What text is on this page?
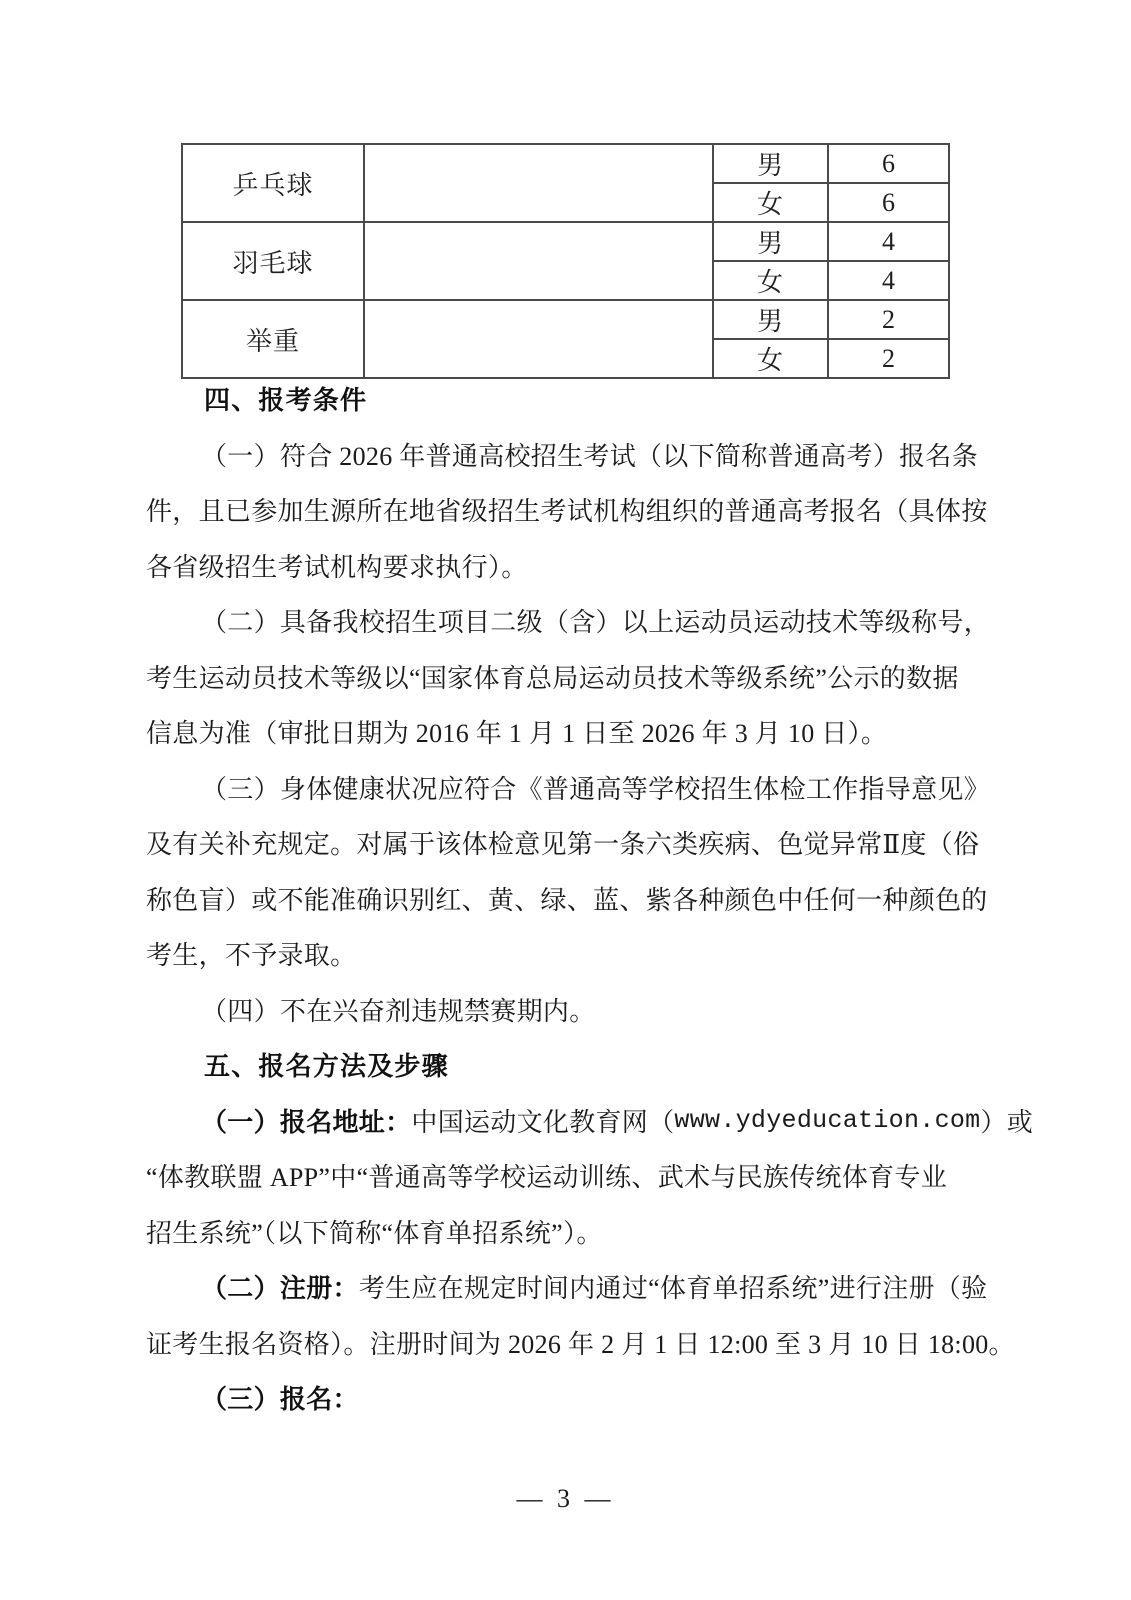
乒乓球		男	6
		女	6
羽毛球		男	4
		女	4
举重		男	2
		女	2
四、报考条件
（一）符合 2026 年普通高校招生考试（以下简称普通高考）报名条
件，且已参加生源所在地省级招生考试机构组织的普通高考报名（具体按
各省级招生考试机构要求执行）。
（二）具备我校招生项目二级（含）以上运动员运动技术等级称号，
考生运动员技术等级以“国家体育总局运动员技术等级系统”公示的数据
信息为准（审批日期为 2016 年 1 月 1 日至 2026 年 3 月 10 日）。
（三）身体健康状况应符合《普通高等学校招生体检工作指导意见》
及有关补充规定。对属于该体检意见第一条六类疾病、色觉异常Ⅱ度（俗
称色盲）或不能准确识别红、黄、绿、蓝、紫各种颜色中任何一种颜色的
考生，不予录取。
（四）不在兴奋剂违规禁赛期内。
五、报名方法及步骤
（一）报名地址： 中国运动文化教育网（ www.ydyeducation.com ）或
“体教联盟 APP”中“普通高等学校运动训练、武术与民族传统体育专业
招生系统”（以下简称“体育单招系统”）。
（二）注册： 考生应在规定时间内通过“体育单招系统”进行注册（验
证考生报名资格）。注册时间为 2026 年 2 月 1 日 12:00 至 3 月 10 日 18:00。
（三）报名：
— 3 —
